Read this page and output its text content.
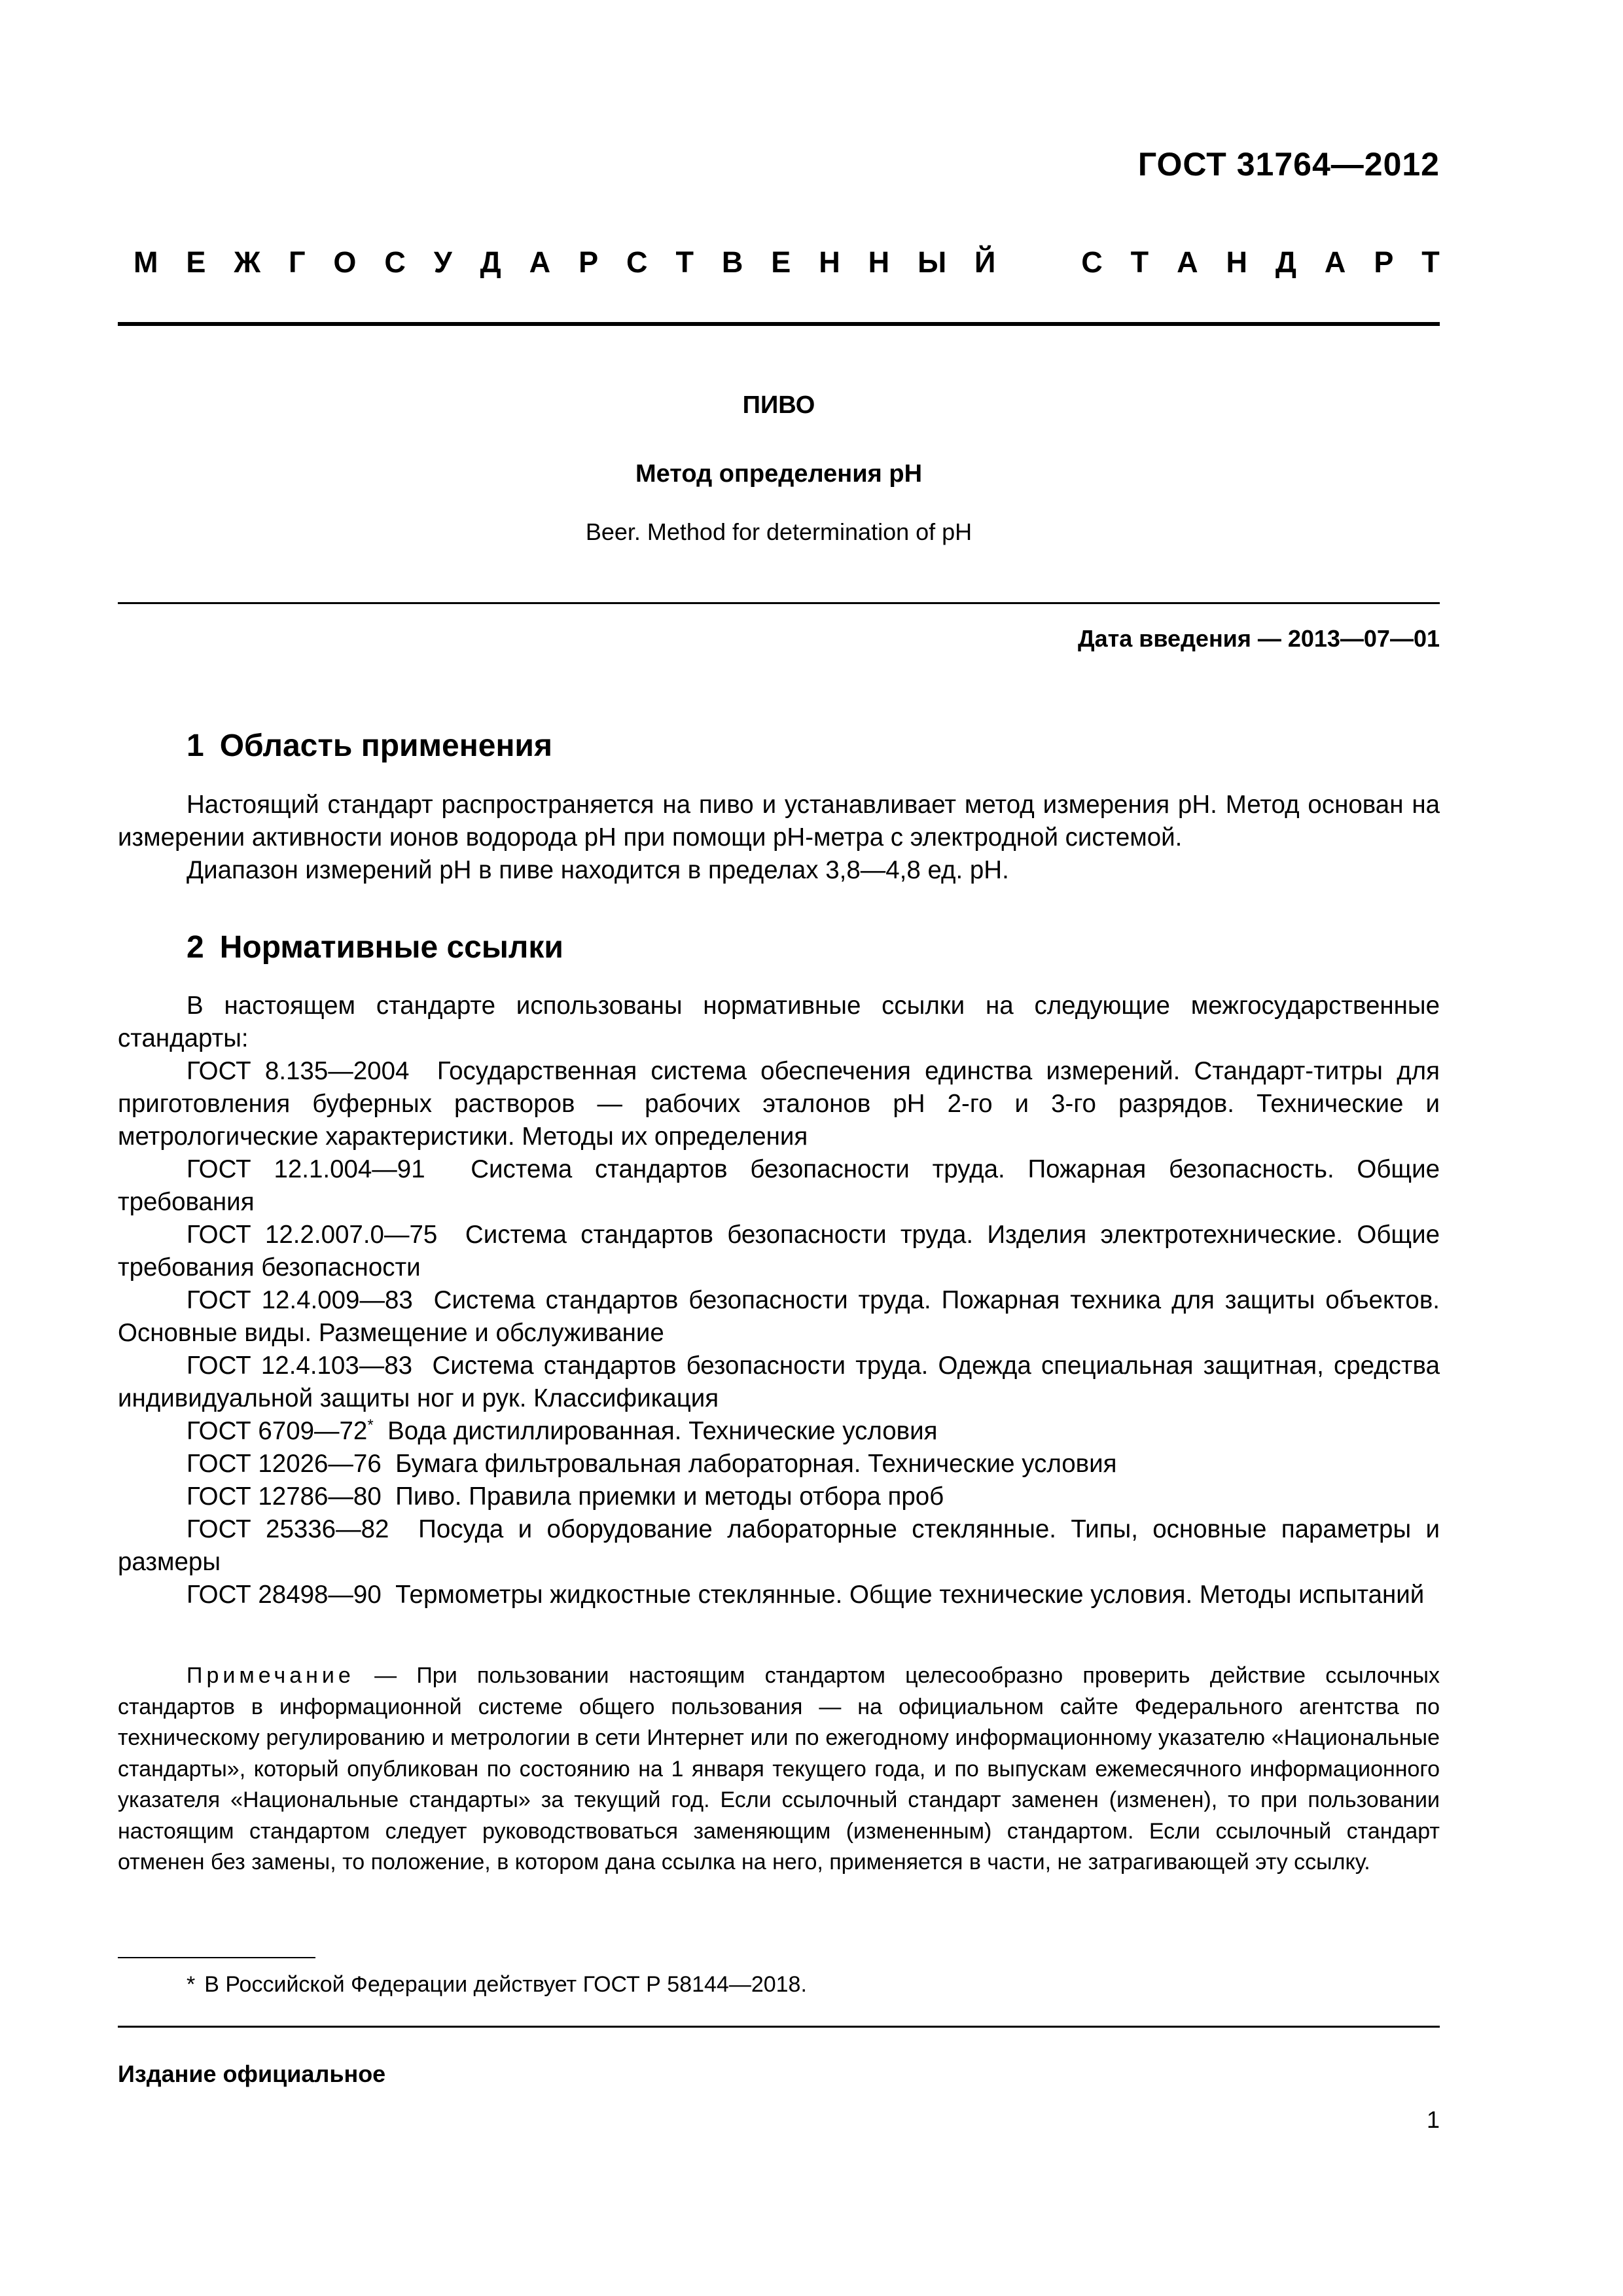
ГОСТ 31764—2012
М Е Ж Г О С У Д А Р С Т В Е Н Н Ы Й	С Т А Н Д А Р Т
ПИВО
Метод определения pH
Beer. Method for determination of pH
Дата введения — 2013—07—01
1 Область применения

Настоящий стандарт распространяется на пиво и устанавливает метод измерения pH. Метод основан на измерении активности ионов водорода pH при помощи pH-метра с электродной системой.

Диапазон измерений pH в пиве находится в пределах 3,8—4,8 ед. pH.

2 Нормативные ссылки

В настоящем стандарте использованы нормативные ссылки на следующие межгосударственные стандарты:

ГОСТ 8.135—2004 Государственная система обеспечения единства измерений. Стандарт-титры для приготовления буферных растворов — рабочих эталонов pH 2-го и 3-го разрядов. Технические и метрологические характеристики. Методы их определения

ГОСТ 12.1.004—91 Система стандартов безопасности труда. Пожарная безопасность. Общие требования

ГОСТ 12.2.007.0—75 Система стандартов безопасности труда. Изделия электротехнические. Общие требования безопасности

ГОСТ 12.4.009—83 Система стандартов безопасности труда. Пожарная техника для защиты объектов. Основные виды. Размещение и обслуживание

ГОСТ 12.4.103—83 Система стандартов безопасности труда. Одежда специальная защитная, средства индивидуальной защиты ног и рук. Классификация

ГОСТ 6709—72* Вода дистиллированная. Технические условия

ГОСТ 12026—76 Бумага фильтровальная лабораторная. Технические условия

ГОСТ 12786—80 Пиво. Правила приемки и методы отбора проб

ГОСТ 25336—82 Посуда и оборудование лабораторные стеклянные. Типы, основные параметры и размеры

ГОСТ 28498—90 Термометры жидкостные стеклянные. Общие технические условия. Методы испытаний

Примечание — При пользовании настоящим стандартом целесообразно проверить действие ссылочных стандартов в информационной системе общего пользования — на официальном сайте Федерального агентства по техническому регулированию и метрологии в сети Интернет или по ежегодному информационному указателю «Национальные стандарты», который опубликован по состоянию на 1 января текущего года, и по выпускам ежемесячного информационного указателя «Национальные стандарты» за текущий год. Если ссылочный стандарт заменен (изменен), то при пользовании настоящим стандартом следует руководствоваться заменяющим (измененным) стандартом. Если ссылочный стандарт отменен без замены, то положение, в котором дана ссылка на него, применяется в части, не затрагивающей эту ссылку.

* В Российской Федерации действует ГОСТ Р 58144—2018.
Издание официальное
1
